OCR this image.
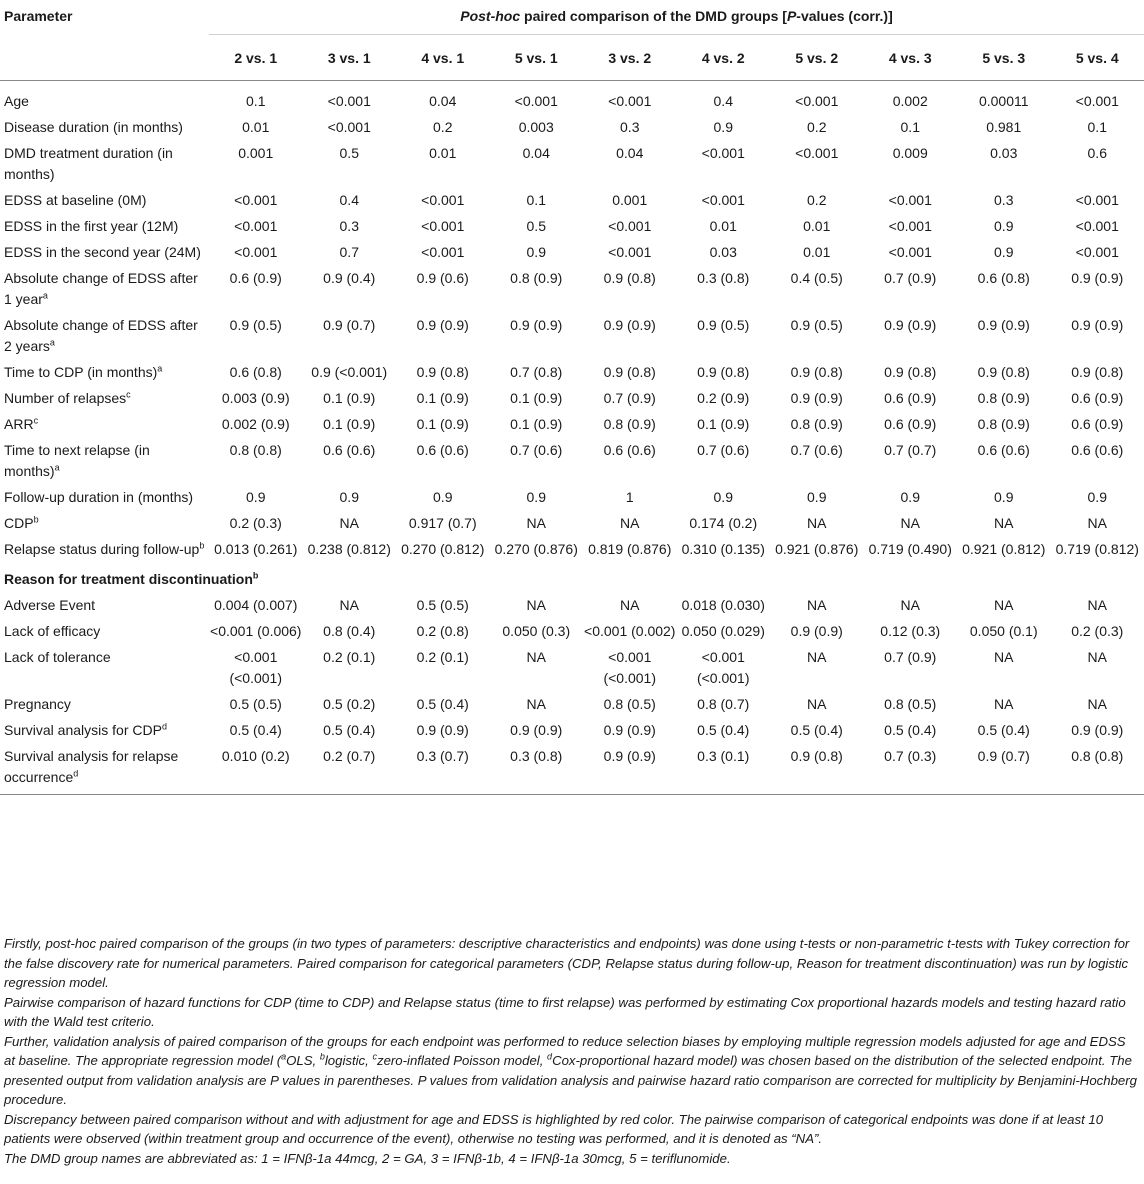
Parameter	Post-hoc paired comparison of the DMD groups [P-values (corr.)]									
	2 vs. 1	3 vs. 1	4 vs. 1	5 vs. 1	3 vs. 2	4 vs. 2	5 vs. 2	4 vs. 3	5 vs. 3	5 vs. 4
Age	0.1	<0.001	0.04	<0.001	<0.001	0.4	<0.001	0.002	0.00011	<0.001
Disease duration (in months)	0.01	<0.001	0.2	0.003	0.3	0.9	0.2	0.1	0.981	0.1
DMD treatment duration (in months)	0.001	0.5	0.01	0.04	0.04	<0.001	<0.001	0.009	0.03	0.6
EDSS at baseline (0M)	<0.001	0.4	<0.001	0.1	0.001	<0.001	0.2	<0.001	0.3	<0.001
EDSS in the first year (12M)	<0.001	0.3	<0.001	0.5	<0.001	0.01	0.01	<0.001	0.9	<0.001
EDSS in the second year (24M)	<0.001	0.7	<0.001	0.9	<0.001	0.03	0.01	<0.001	0.9	<0.001
Absolute change of EDSS after 1 year$^a$	0.6 (0.9)	0.9 (0.4)	0.9 (0.6)	0.8 (0.9)	0.9 (0.8)	0.3 (0.8)	0.4 (0.5)	0.7 (0.9)	0.6 (0.8)	0.9 (0.9)
Absolute change of EDSS after 2 years$^a$	0.9 (0.5)	0.9 (0.7)	0.9 (0.9)	0.9 (0.9)	0.9 (0.9)	0.9 (0.5)	0.9 (0.5)	0.9 (0.9)	0.9 (0.9)	0.9 (0.9)
Time to CDP (in months)$^a$	0.6 (0.8)	0.9 (<0.001)	0.9 (0.8)	0.7 (0.8)	0.9 (0.8)	0.9 (0.8)	0.9 (0.8)	0.9 (0.8)	0.9 (0.8)	0.9 (0.8)
Number of relapses$^c$	0.003 (0.9)	0.1 (0.9)	0.1 (0.9)	0.1 (0.9)	0.7 (0.9)	0.2 (0.9)	0.9 (0.9)	0.6 (0.9)	0.8 (0.9)	0.6 (0.9)
ARR$^c$	0.002 (0.9)	0.1 (0.9)	0.1 (0.9)	0.1 (0.9)	0.8 (0.9)	0.1 (0.9)	0.8 (0.9)	0.6 (0.9)	0.8 (0.9)	0.6 (0.9)
Time to next relapse (in months)$^a$	0.8 (0.8)	0.6 (0.6)	0.6 (0.6)	0.7 (0.6)	0.6 (0.6)	0.7 (0.6)	0.7 (0.6)	0.7 (0.7)	0.6 (0.6)	0.6 (0.6)
Follow-up duration in (months)	0.9	0.9	0.9	0.9	1	0.9	0.9	0.9	0.9	0.9
CDP$^b$	0.2 (0.3)	NA	0.917 (0.7)	NA	NA	0.174 (0.2)	NA	NA	NA	NA
Relapse status during follow-$up^b$	0.013 (0.261)	0.238 (0.812)	0.270 (0.812)	0.270 (0.876)	0.819 (0.876)	0.310 (0.135)	0.921 (0.876)	0.719 (0.490)	0.921 (0.812)	0.719 (0.812)
Reason for treatment discontinuation$^b$
Adverse Event	0.004 (0.007)	NA	0.5 (0.5)	NA	NA	0.018 (0.030)	NA	NA	NA	NA
Lack of efficacy	<0.001 (0.006)	0.8 (0.4)	0.2 (0.8)	0.050 (0.3)	<0.001 (0.002)	0.050 (0.029)	0.9 (0.9)	0.12 (0.3)	0.050 (0.1)	0.2 (0.3)
Lack of tolerance	<0.001 (<0.001)	0.2 (0.1)	0.2 (0.1)	NA	<0.001 (<0.001)	<0.001 (<0.001)	NA	0.7 (0.9)	NA	NA
Pregnancy	0.5 (0.5)	0.5 (0.2)	0.5 (0.4)	NA	0.8 (0.5)	0.8 (0.7)	NA	0.8 (0.5)	NA	NA
Survival analysis for CDP$^d$	0.5 (0.4)	0.5 (0.4)	0.9 (0.9)	0.9 (0.9)	0.9 (0.9)	0.5 (0.4)	0.5 (0.4)	0.5 (0.4)	0.5 (0.4)	0.9 (0.9)
Survival analysis for relapse occurrence$^d$	0.010 (0.2)	0.2 (0.7)	0.3 (0.7)	0.3 (0.8)	0.9 (0.9)	0.3 (0.1)	0.9 (0.8)	0.7 (0.3)	0.9 (0.7)	0.8 (0.8)

Firstly, post-hoc paired comparison of the groups (in two types of parameters: descriptive characteristics and endpoints) was done using t-tests or non-parametric t-tests with Tukey correction for the false discovery rate for numerical parameters. Paired comparison for categorical parameters (CDP, Relapse status during follow-up, Reason for treatment discontinuation) was run by logistic regression model.

Pairwise comparison of hazard functions for CDP (time to CDP) and Relapse status (time to first relapse) was performed by estimating Cox proportional hazards models and testing hazard ratio with the Wald test criterio.

Further, validation analysis of paired comparison of the groups for each endpoint was performed to reduce selection biases by employing multiple regression models adjusted for age and EDSS at baseline. The appropriate regression model ($^a$OLS, $^b$logistic, $^c$zero-inflated Poisson model, $^d$Cox-proportional hazard model) was chosen based on the distribution of the selected endpoint. The presented output from validation analysis are P values in parentheses. P values from validation analysis and pairwise hazard ratio comparison are corrected for multiplicity by Benjamini-Hochberg procedure.

Discrepancy between paired comparison without and with adjustment for age and EDSS is highlighted by red color. The pairwise comparison of categorical endpoints was done if at least 10 patients were observed (within treatment group and occurrence of the event), otherwise no testing was performed, and it is denoted as “NA”.

The DMD group names are abbreviated as: 1 = IFNβ-1a 44mcg, 2 = GA, 3 = IFNβ-1b, 4 = IFNβ-1a 30mcg, 5 = teriflunomide.
